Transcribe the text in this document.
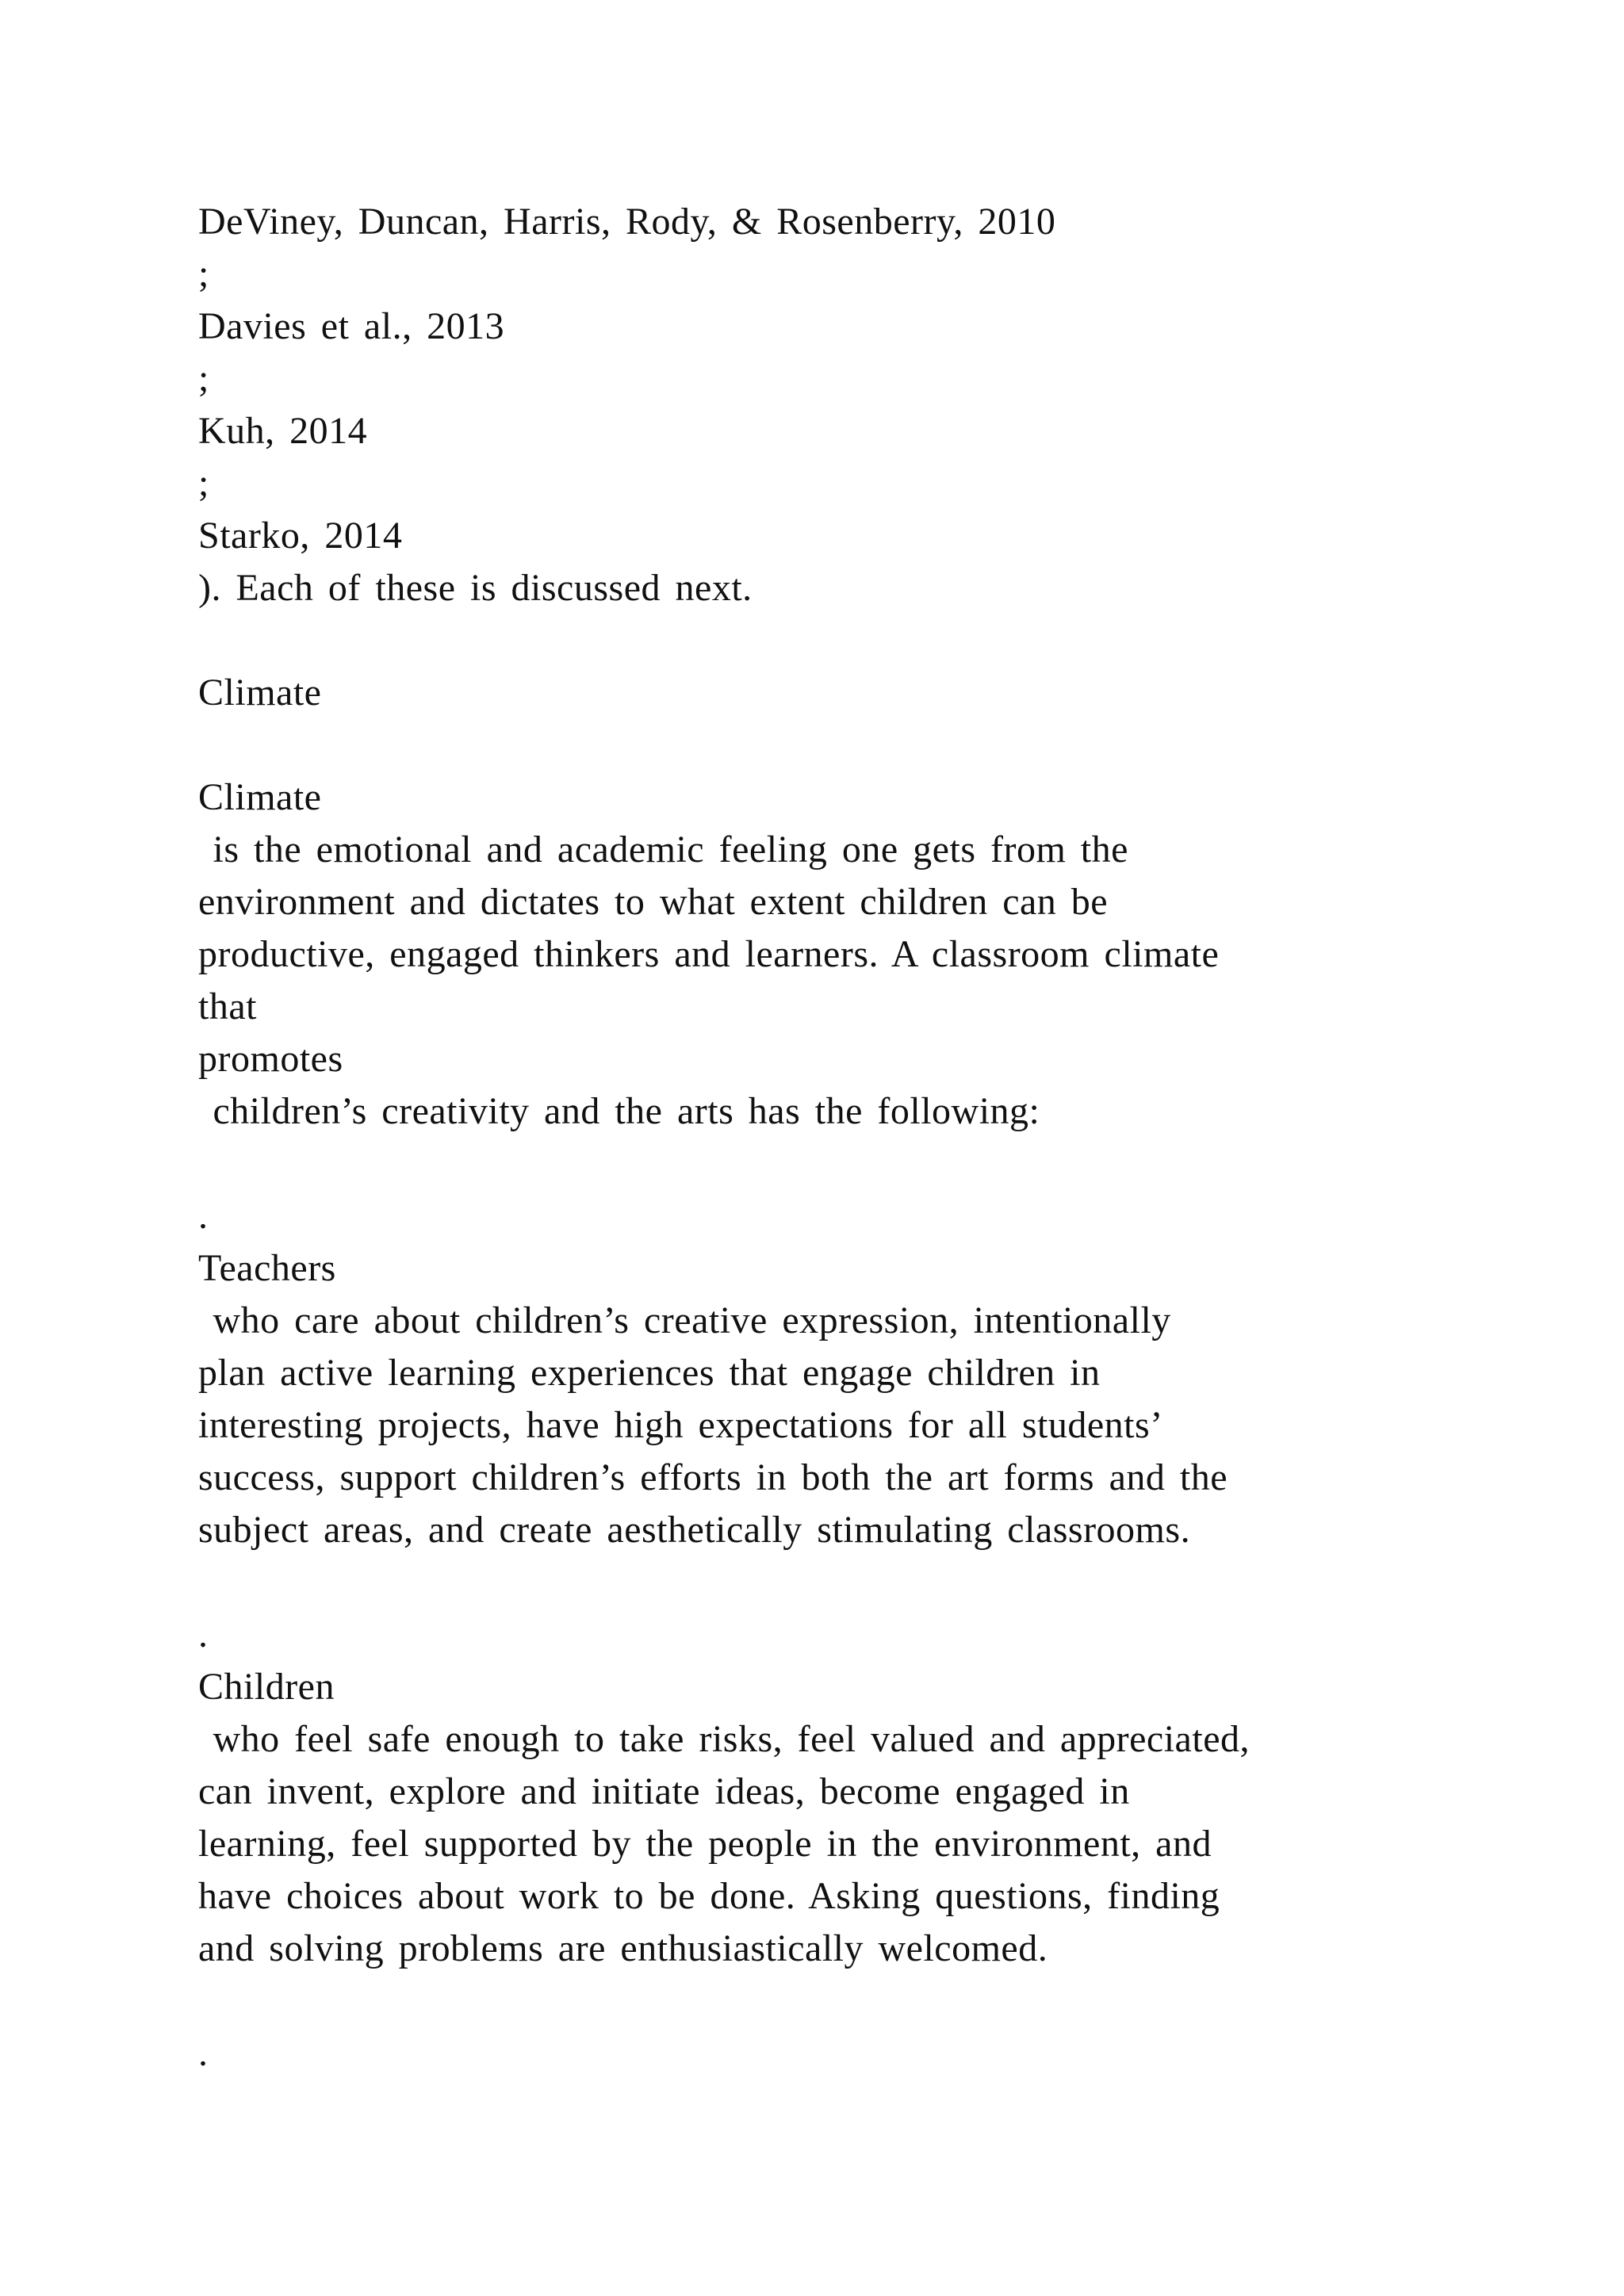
DeViney, Duncan, Harris, Rody, & Rosenberry, 2010
;
Davies et al., 2013
;
Kuh, 2014
;
Starko, 2014
). Each of these is discussed next.
Climate
Climate
is the emotional and academic feeling one gets from the
environment and dictates to what extent children can be
productive, engaged thinkers and learners. A classroom climate
that
promotes
children’s creativity and the arts has the following:
.
Teachers
who care about children’s creative expression, intentionally
plan active learning experiences that engage children in
interesting projects, have high expectations for all students’
success, support children’s efforts in both the art forms and the
subject areas, and create aesthetically stimulating classrooms.
.
Children
who feel safe enough to take risks, feel valued and appreciated,
can invent, explore and initiate ideas, become engaged in
learning, feel supported by the people in the environment, and
have choices about work to be done. Asking questions, finding
and solving problems are enthusiastically welcomed.
.
